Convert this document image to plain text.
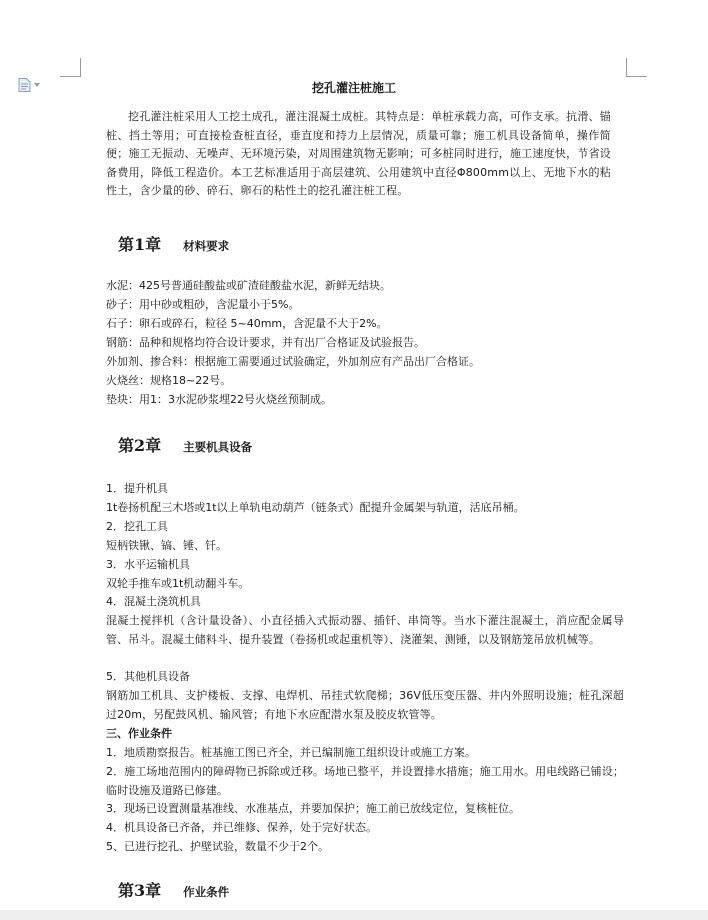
挖孔灌注桩施工
挖孔灌注桩采用人工挖土成孔，灌注混凝土成桩。其特点是：单桩承载力高，可作支承。抗滑、锚桩、挡土等用；可直接检查桩直径，垂直度和持力上层情况，质量可靠；施工机具设备简单，操作简便；施工无振动、无噪声、无环境污染，对周围建筑物无影响；可多桩同时进行，施工速度快，节省设备费用，降低工程造价。本工艺标准适用于高层建筑、公用建筑中直径Φ800mm以上、无地下水的粘性土，含少量的砂、碎石、卵石的粘性土的挖孔灌注桩工程。
第1章 材料要求
水泥：425号普通硅酸盐或矿渣硅酸盐水泥，新鲜无结块。
砂子：用中砂或粗砂，含泥量小于5%。
石子：卵石或碎石，粒径 5~40mm，含泥量不大于2%。
钢筋：品种和规格均符合设计要求，并有出厂合格证及试验报告。
外加剂、掺合料：根据施工需要通过试验确定，外加剂应有产品出厂合格证。
火烧丝：规格18~22号。
垫块：用1：3水泥砂浆埋22号火烧丝预制成。
第2章 主要机具设备
1．提升机具
1t卷扬机配三木塔或1t以上单轨电动葫芦（链条式）配提升金属架与轨道，活底吊桶。
2．挖孔工具
短柄铁锹、镐、锤、钎。
3．水平运输机具
双轮手推车或1t机动翻斗车。
4．混凝土浇筑机具
混凝土搅拌机（含计量设备）、小直径插入式振动器、插钎、串筒等。当水下灌注混凝土，消应配金属导管、吊斗。混凝土储料斗、提升装置（卷扬机或起重机等）、浇灌架、测锤，以及钢筋笼吊放机械等。
5．其他机具设备
钢筋加工机具、支护楼板、支撑、电焊机、吊挂式软爬梯；36V低压变压器、井内外照明设施；桩孔深超过20m，另配鼓风机、输风管；有地下水应配潜水泵及胶皮软管等。
三、作业条件
1．地质勘察报告。桩基施工图已齐全，并已编制施工组织设计或施工方案。
2．施工场地范围内的障碍物已拆除或迁移。场地已整平，并设置排水措施；施工用水。用电线路已铺设；临时设施及道路已修建。
3．现场已设置测量基准线、水准基点，并要加保护；施工前已放线定位，复核桩位。
4．机具设备已齐备，并已维修、保养，处于完好状态。
5、已进行挖孔、护壁试验，数量不少于2个。
第3章 作业条件
